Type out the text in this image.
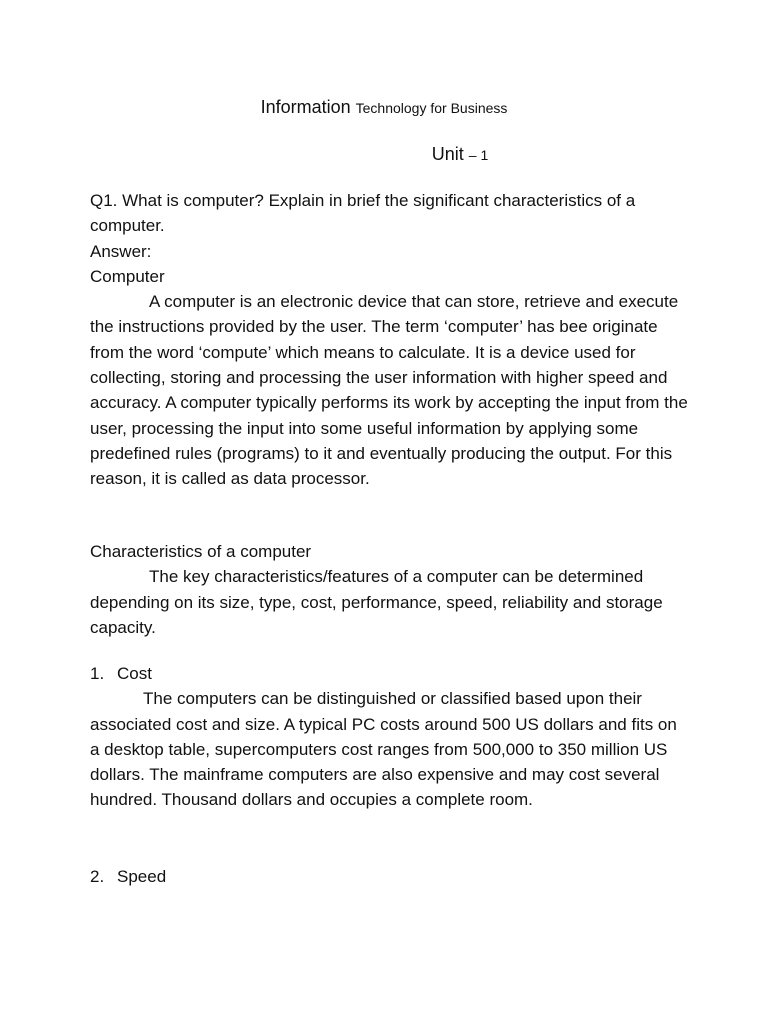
Information Technology for Business
Unit – 1

Q1. What is computer? Explain in brief the significant characteristics of a computer.

Answer:

Computer

A computer is an electronic device that can store, retrieve and execute the instructions provided by the user. The term ‘computer’ has bee originate from the word ‘compute’ which means to calculate. It is a device used for collecting, storing and processing the user information with higher speed and accuracy. A computer typically performs its work by accepting the input from the user, processing the input into some useful information by applying some predefined rules (programs) to it and eventually producing the output. For this reason, it is called as data processor.

Characteristics of a computer

The key characteristics/features of a computer can be determined depending on its size, type, cost, performance, speed, reliability and storage capacity.

1. Cost

The computers can be distinguished or classified based upon their associated cost and size. A typical PC costs around 500 US dollars and fits on a desktop table, supercomputers cost ranges from 500,000 to 350 million US dollars. The mainframe computers are also expensive and may cost several hundred. Thousand dollars and occupies a complete room.

2. Speed
